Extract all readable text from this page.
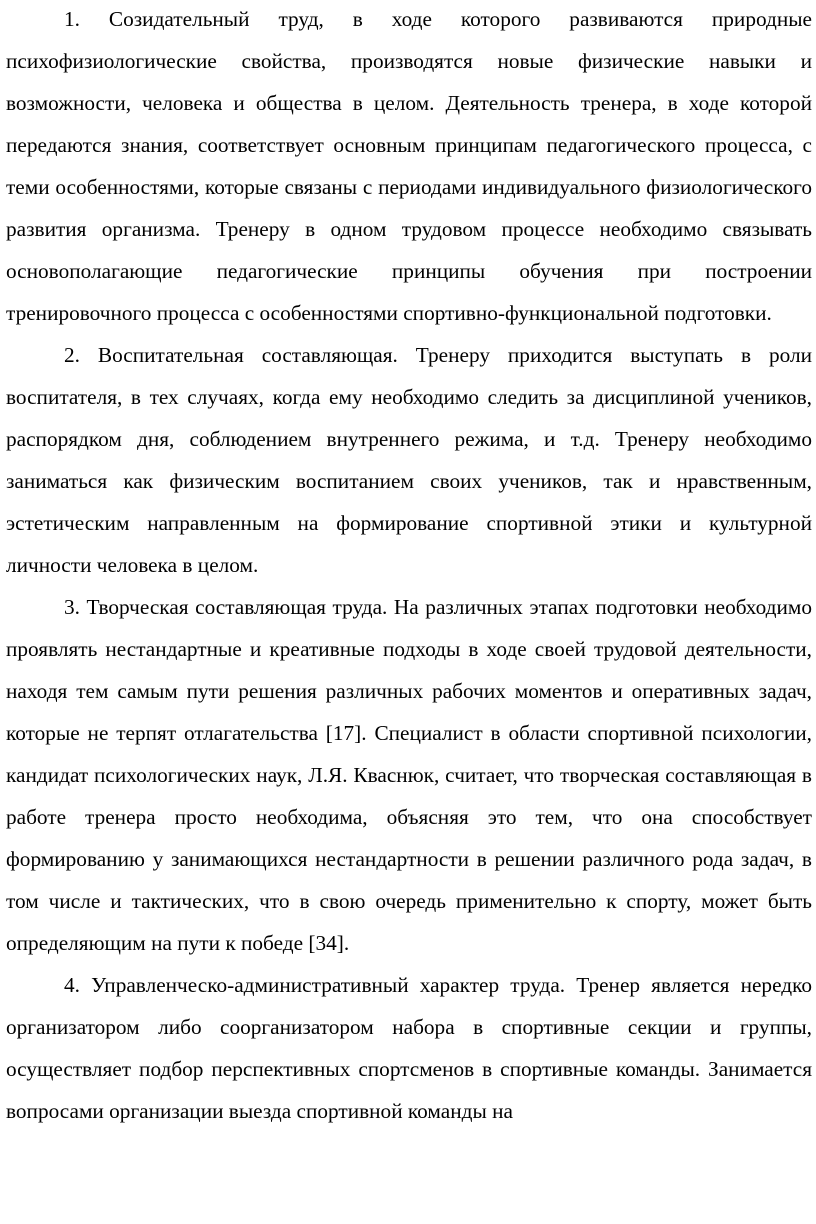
1. Созидательный труд, в ходе которого развиваются природные психофизиологические свойства, производятся новые физические навыки и возможности, человека и общества в целом. Деятельность тренера, в ходе которой передаются знания, соответствует основным принципам педагогического процесса, с теми особенностями, которые связаны с периодами индивидуального физиологического развития организма. Тренеру в одном трудовом процессе необходимо связывать основополагающие педагогические принципы обучения при построении тренировочного процесса с особенностями спортивно-функциональной подготовки.

2. Воспитательная составляющая. Тренеру приходится выступать в роли воспитателя, в тех случаях, когда ему необходимо следить за дисциплиной учеников, распорядком дня, соблюдением внутреннего режима, и т.д. Тренеру необходимо заниматься как физическим воспитанием своих учеников, так и нравственным, эстетическим направленным на формирование спортивной этики и культурной личности человека в целом.

3. Творческая составляющая труда. На различных этапах подготовки необходимо проявлять нестандартные и креативные подходы в ходе своей трудовой деятельности, находя тем самым пути решения различных рабочих моментов и оперативных задач, которые не терпят отлагательства [17]. Специалист в области спортивной психологии, кандидат психологических наук, Л.Я. Кваснюк, считает, что творческая составляющая в работе тренера просто необходима, объясняя это тем, что она способствует формированию у занимающихся нестандартности в решении различного рода задач, в том числе и тактических, что в свою очередь применительно к спорту, может быть определяющим на пути к победе [34].

4. Управленческо-административный характер труда. Тренер является нередко организатором либо соорганизатором набора в спортивные секции и группы, осуществляет подбор перспективных спортсменов в спортивные команды. Занимается вопросами организации выезда спортивной команды на
